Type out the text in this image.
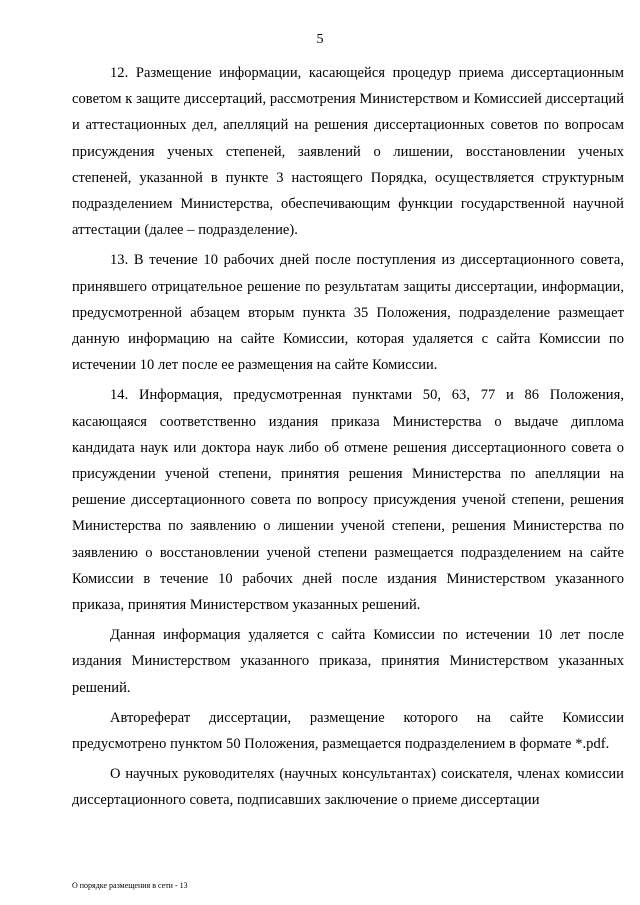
5

12. Размещение информации, касающейся процедур приема диссертационным советом к защите диссертаций, рассмотрения Министерством и Комиссией диссертаций и аттестационных дел, апелляций на решения диссертационных советов по вопросам присуждения ученых степеней, заявлений о лишении, восстановлении ученых степеней, указанной в пункте 3 настоящего Порядка, осуществляется структурным подразделением Министерства, обеспечивающим функции государственной научной аттестации (далее – подразделение).

13. В течение 10 рабочих дней после поступления из диссертационного совета, принявшего отрицательное решение по результатам защиты диссертации, информации, предусмотренной абзацем вторым пункта 35 Положения, подразделение размещает данную информацию на сайте Комиссии, которая удаляется с сайта Комиссии по истечении 10 лет после ее размещения на сайте Комиссии.

14. Информация, предусмотренная пунктами 50, 63, 77 и 86 Положения, касающаяся соответственно издания приказа Министерства о выдаче диплома кандидата наук или доктора наук либо об отмене решения диссертационного совета о присуждении ученой степени, принятия решения Министерства по апелляции на решение диссертационного совета по вопросу присуждения ученой степени, решения Министерства по заявлению о лишении ученой степени, решения Министерства по заявлению о восстановлении ученой степени размещается подразделением на сайте Комиссии в течение 10 рабочих дней после издания Министерством указанного приказа, принятия Министерством указанных решений.

Данная информация удаляется с сайта Комиссии по истечении 10 лет после издания Министерством указанного приказа, принятия Министерством указанных решений.

Автореферат диссертации, размещение которого на сайте Комиссии предусмотрено пунктом 50 Положения, размещается подразделением в формате *.pdf.

О научных руководителях (научных консультантах) соискателя, членах комиссии диссертационного совета, подписавших заключение о приеме диссертации

О порядке размещения в сети - 13
